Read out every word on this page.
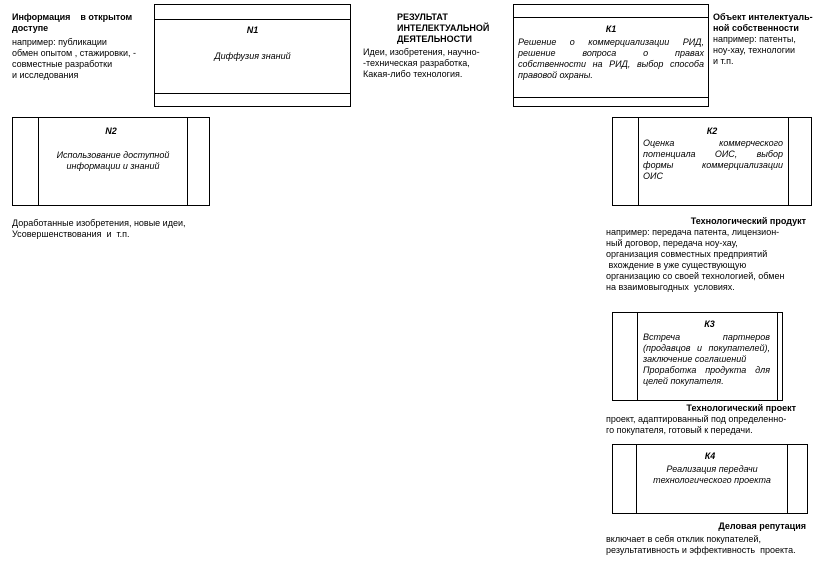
Информация    в открытом
доступе
например: публикации
обмен опытом , стажировки, -
совместные разработки
и исследования
N1
Диффузия знаний
РЕЗУЛЬТАТ
ИНТЕЛЕКТУАЛЬНОЙ
ДЕЯТЕЛЬНОСТИ
Идеи, изобретения, научно-
-техническая разработка,
Какая-либо технология.
К1
Решение о коммерциализации РИД,
решение вопроса о правах
собственности на РИД, выбор способа
правовой охраны.
Объект интелектуаль-
ной собственности
например: патенты,
ноу-хау, технологии
и т.п.
N2
Использование доступной
информации и знаний
Доработанные изобретения, новые идеи,
Усовершенствования  и  т.п.
К2
Оценка коммерческого
потенциала ОИС, выбор
формы коммерциализации
ОИС
Технологический продукт
например: передача патента, лицензион-
ный договор, передача ноу-хау,
организация совместных предприятий
вхождение в уже существующую
организацию со своей технологией, обмен
на взаимовыгодных  условиях.
К3
Встреча партнеров
(продавцов и покупателей),
заключение соглашений
Проработка продукта для
целей покупателя.
Технологический проект
проект, адаптированный под определенно-
го покупателя, готовый к передачи.
К4
Реализация передачи
технологического проекта
Деловая репутация
включает в себя отклик покупателей,
результативность и эффективность  проекта.
